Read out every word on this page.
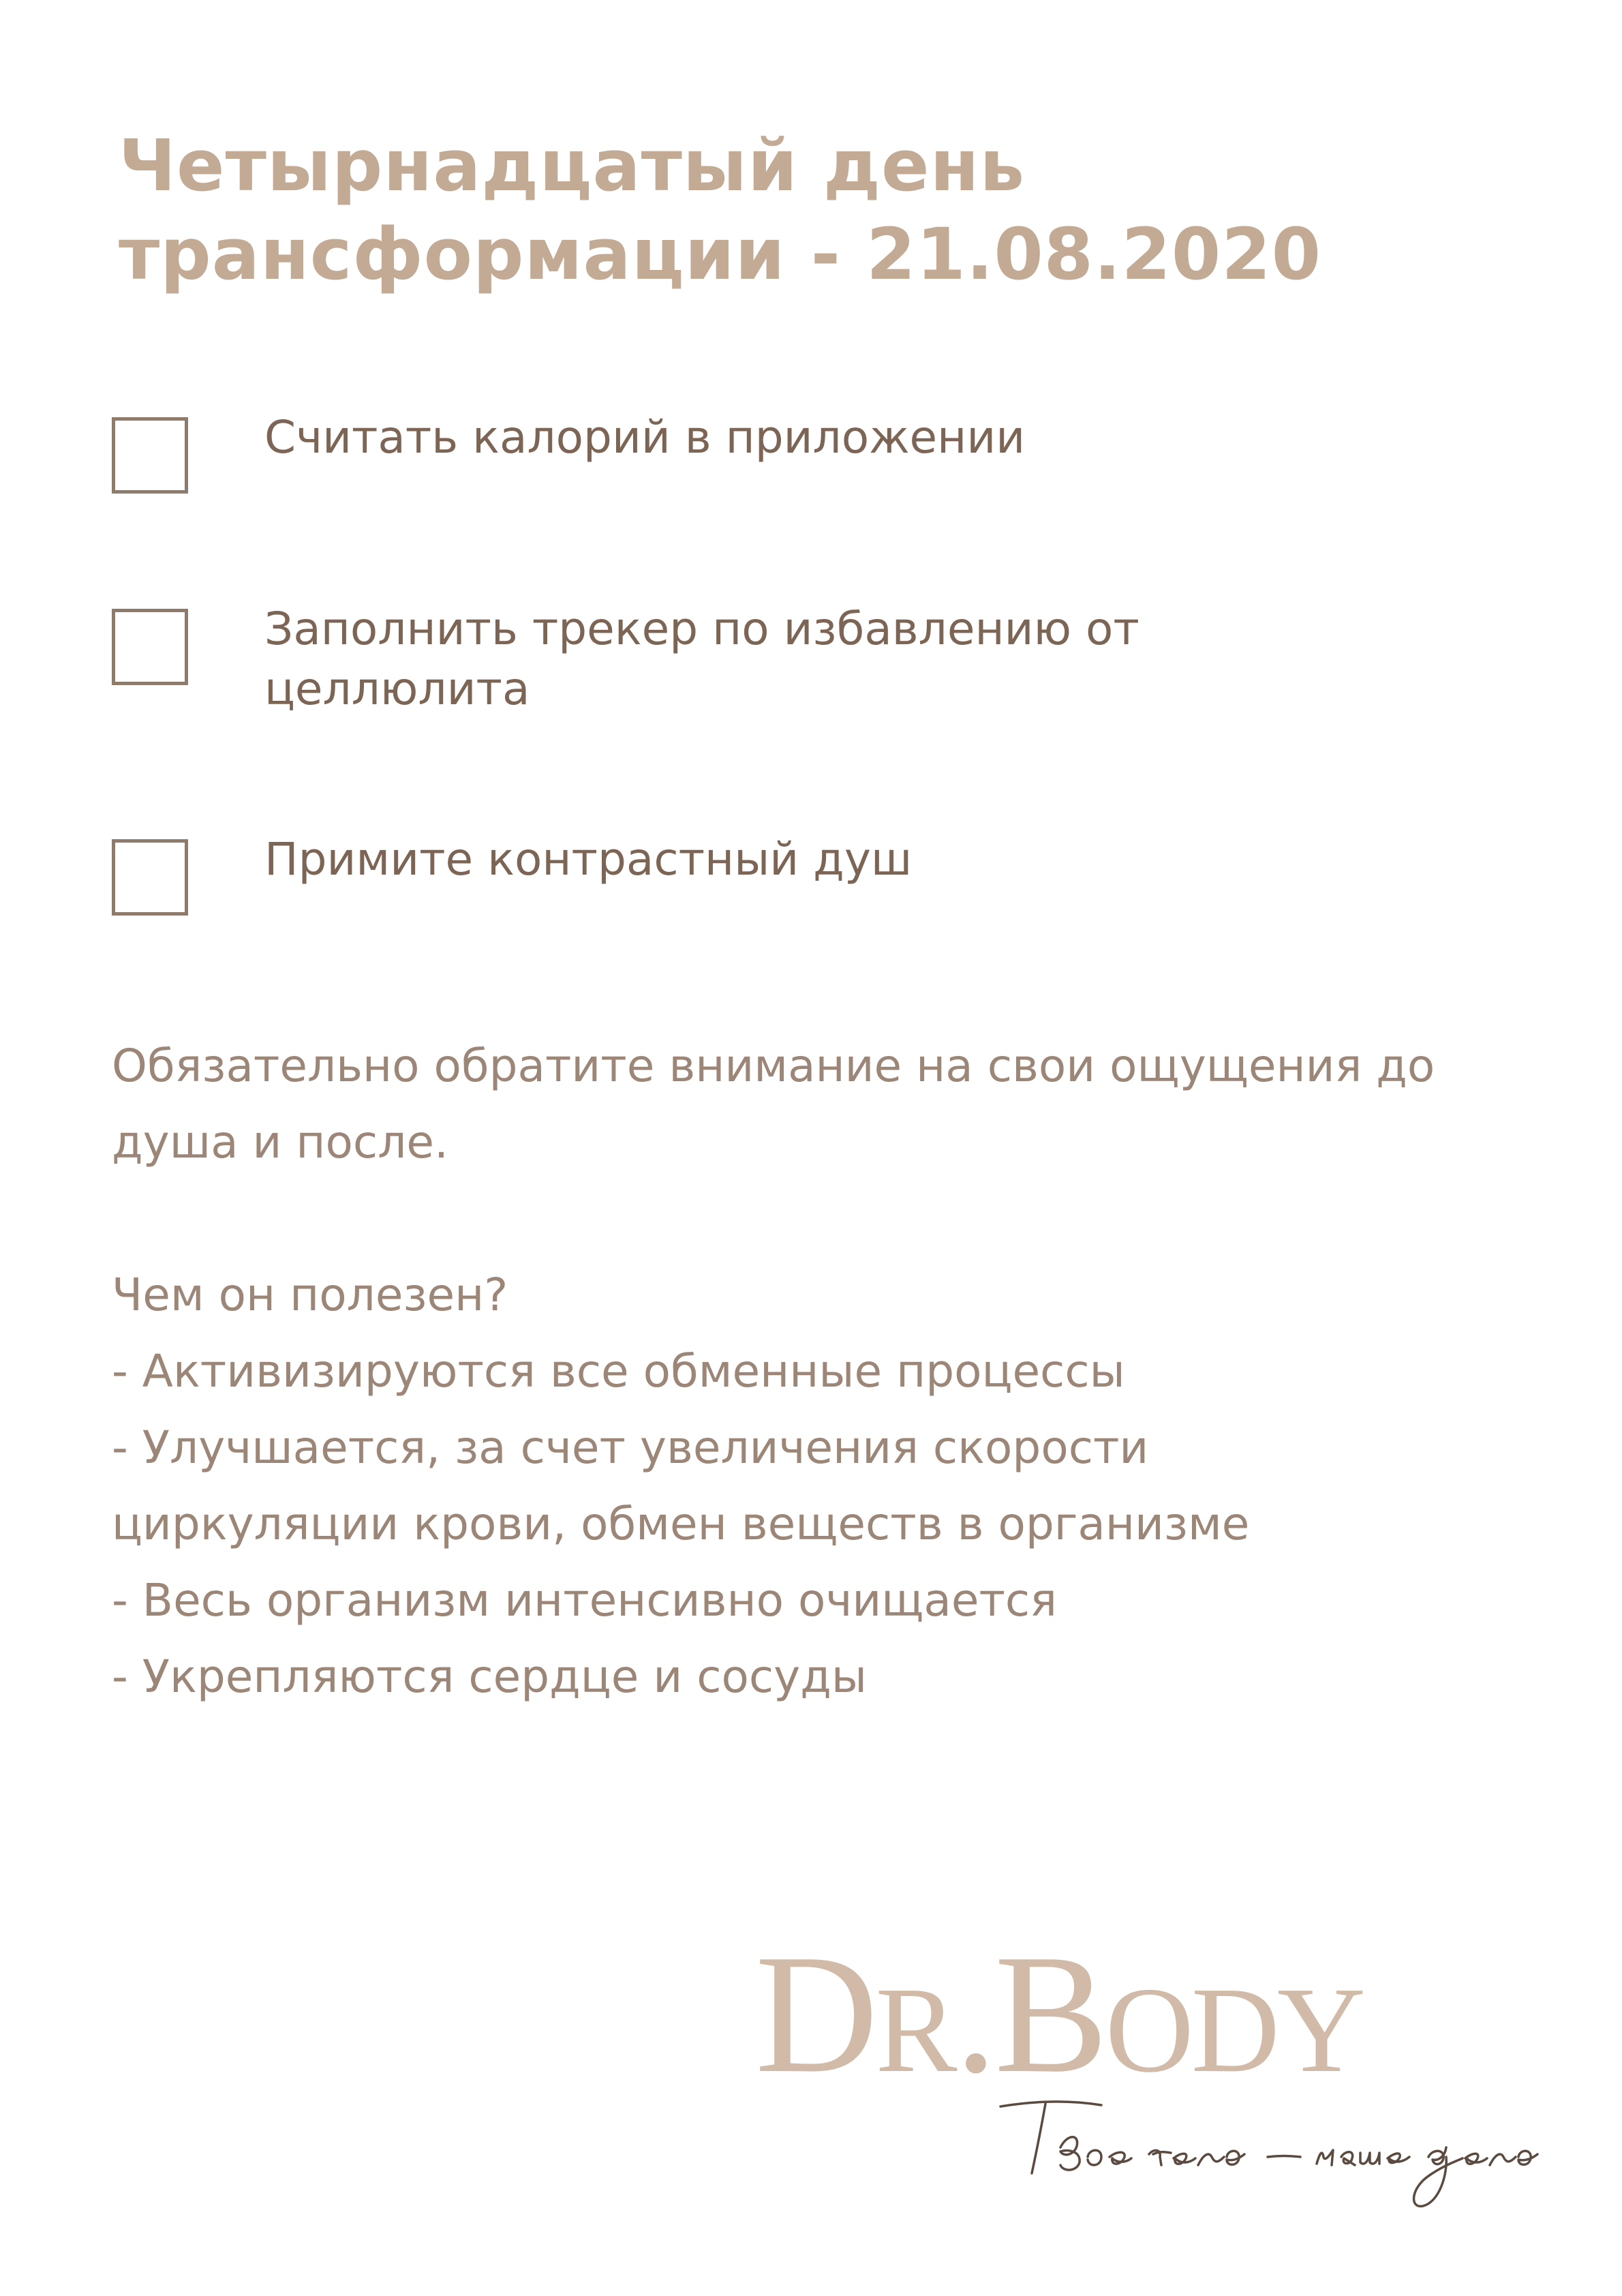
Четырнадцатый день трансформации - 21.08.2020
Считать калорий в приложении
Заполнить трекер по избавлению от целлюлита
Примите контрастный душ

Обязательно обратите внимание на свои ощущения до душа и после.

Чем он полезен?

- Активизируются все обменные процессы

- Улучшается, за счет увеличения скорости циркуляции крови, обмен веществ в организме

- Весь организм интенсивно очищается

- Укрепляются сердце и сосуды

DR.BODY
